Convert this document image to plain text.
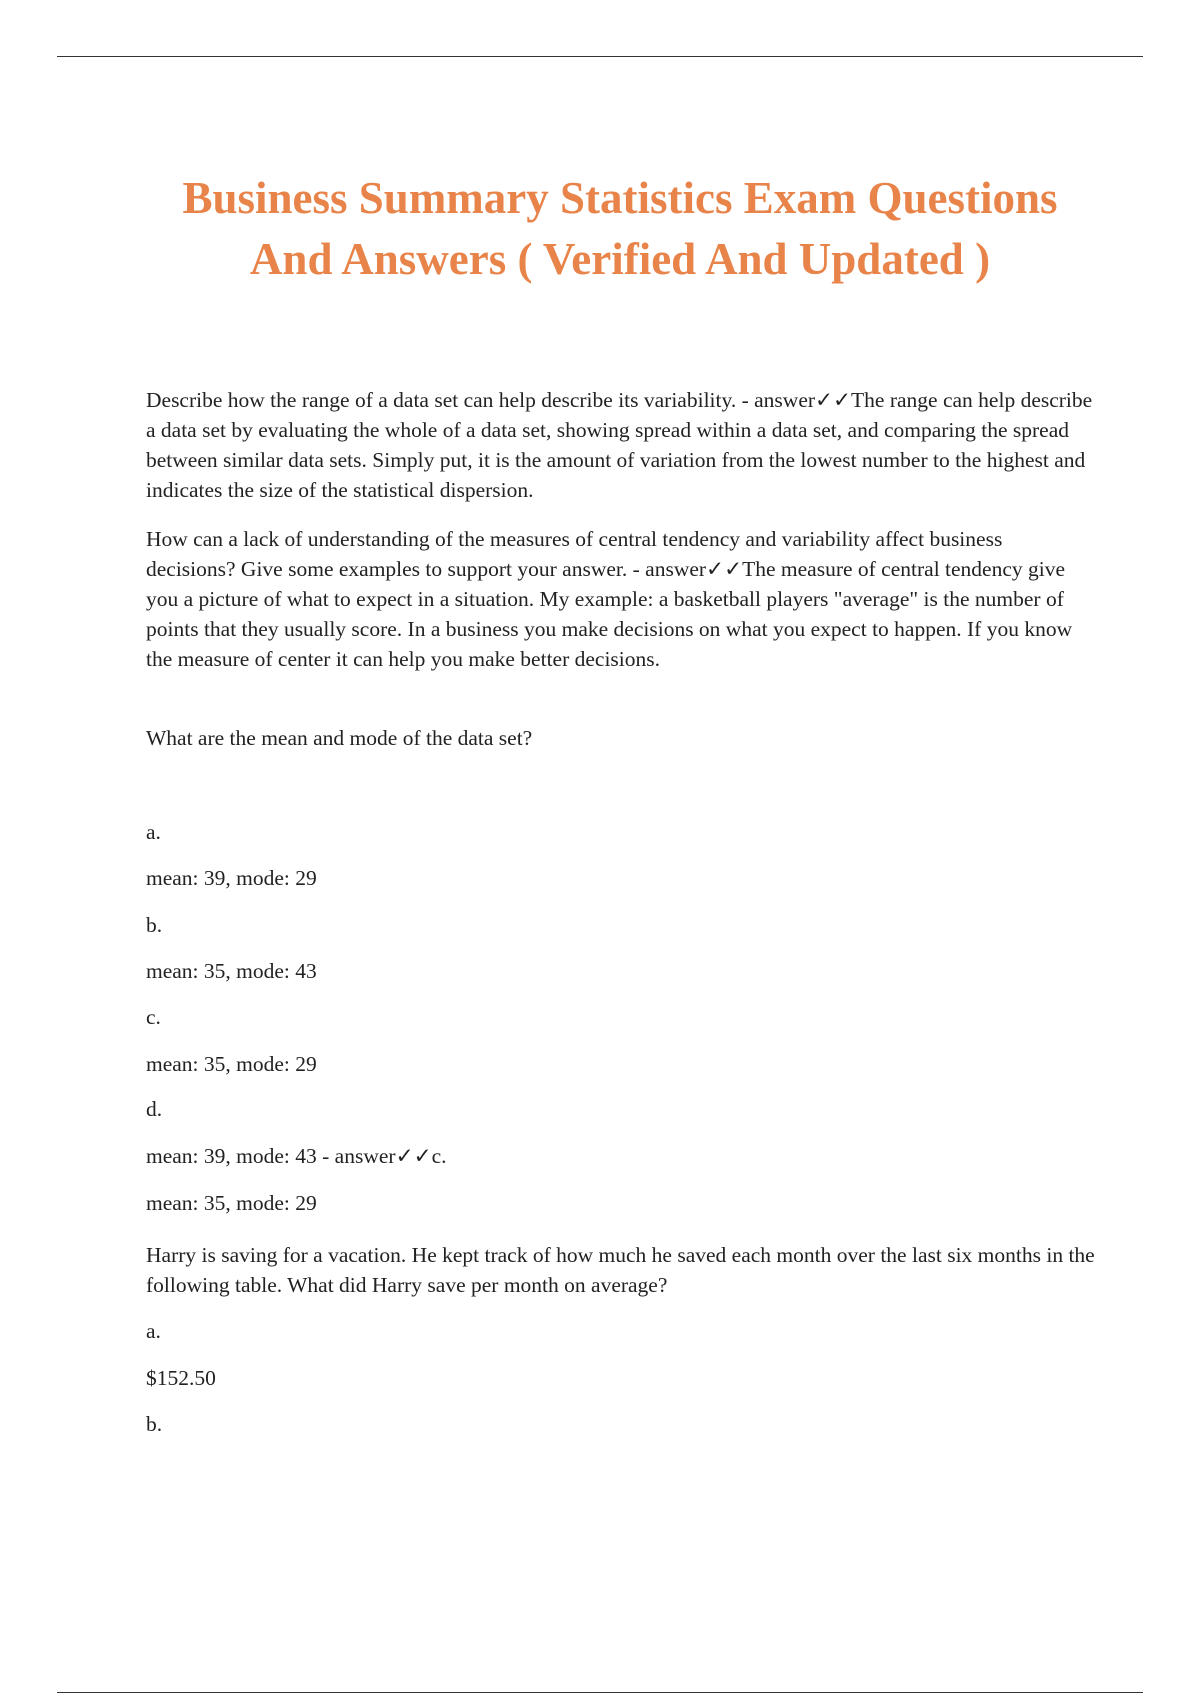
Business Summary Statistics Exam Questions
And Answers ( Verified And Updated )

Describe how the range of a data set can help describe its variability. - answer✓✓The range can help describe a data set by evaluating the whole of a data set, showing spread within a data set, and comparing the spread between similar data sets. Simply put, it is the amount of variation from the lowest number to the highest and indicates the size of the statistical dispersion.

How can a lack of understanding of the measures of central tendency and variability affect business decisions? Give some examples to support your answer. - answer✓✓The measure of central tendency give you a picture of what to expect in a situation. My example: a basketball players "average" is the number of points that they usually score. In a business you make decisions on what you expect to happen. If you know the measure of center it can help you make better decisions.

What are the mean and mode of the data set?

a.

mean: 39, mode: 29

b.

mean: 35, mode: 43

c.

mean: 35, mode: 29

d.

mean: 39, mode: 43 - answer✓✓c.

mean: 35, mode: 29

Harry is saving for a vacation. He kept track of how much he saved each month over the last six months in the following table. What did Harry save per month on average?

a.

$152.50

b.
